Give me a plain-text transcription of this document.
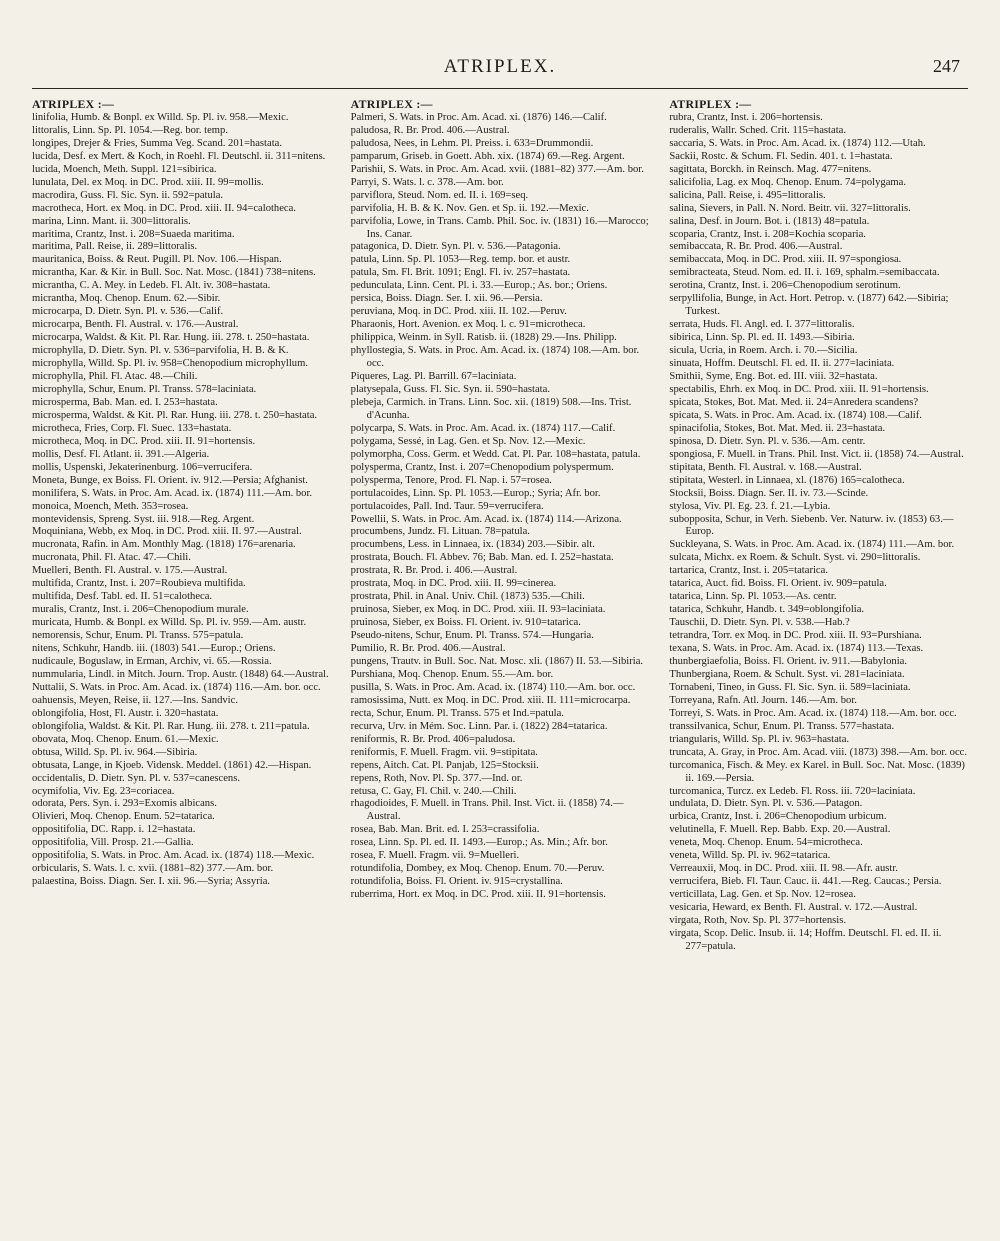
ATRIPLEX.	247
ATRIPLEX :—

linifolia, Humb. & Bonpl. ex Willd. Sp. Pl. iv. 958.—Mexic.

littoralis, Linn. Sp. Pl. 1054.—Reg. bor. temp.

longipes, Drejer & Fries, Summa Veg. Scand. 201=hastata.

lucida, Desf. ex Mert. & Koch, in Roehl. Fl. Deutschl. ii. 311=nitens.

lucida, Moench, Meth. Suppl. 121=sibirica.

lunulata, Del. ex Moq. in DC. Prod. xiii. II. 99=mollis.

macrodira, Guss. Fl. Sic. Syn. ii. 592=patula.

macrotheca, Hort. ex Moq. in DC. Prod. xiii. II. 94=calotheca.

marina, Linn. Mant. ii. 300=littoralis.

maritima, Crantz, Inst. i. 208=Suaeda maritima.

maritima, Pall. Reise, ii. 289=littoralis.

mauritanica, Boiss. & Reut. Pugill. Pl. Nov. 106.—Hispan.

micrantha, Kar. & Kir. in Bull. Soc. Nat. Mosc. (1841) 738=nitens.

micrantha, C. A. Mey. in Ledeb. Fl. Alt. iv. 308=hastata.

micrantha, Moq. Chenop. Enum. 62.—Sibir.

microcarpa, D. Dietr. Syn. Pl. v. 536.—Calif.

microcarpa, Benth. Fl. Austral. v. 176.—Austral.

microcarpa, Waldst. & Kit. Pl. Rar. Hung. iii. 278. t. 250=hastata.

microphylla, D. Dietr. Syn. Pl. v. 536=parvifolia, H. B. & K.

microphylla, Willd. Sp. Pl. iv. 958=Chenopodium microphyllum.

microphylla, Phil. Fl. Atac. 48.—Chili.

microphylla, Schur, Enum. Pl. Transs. 578=laciniata.

microsperma, Bab. Man. ed. I. 253=hastata.

microsperma, Waldst. & Kit. Pl. Rar. Hung. iii. 278. t. 250=hastata.

microtheca, Fries, Corp. Fl. Suec. 133=hastata.

microtheca, Moq. in DC. Prod. xiii. II. 91=hortensis.

mollis, Desf. Fl. Atlant. ii. 391.—Algeria.

mollis, Uspenski, Jekaterinenburg. 106=verrucifera.

Moneta, Bunge, ex Boiss. Fl. Orient. iv. 912.—Persia; Afghanist.

monilifera, S. Wats. in Proc. Am. Acad. ix. (1874) 111.—Am. bor.

monoica, Moench, Meth. 353=rosea.

montevidensis, Spreng. Syst. iii. 918.—Reg. Argent.

Moquiniana, Webb, ex Moq. in DC. Prod. xiii. II. 97.—Austral.

mucronata, Rafin. in Am. Monthly Mag. (1818) 176=arenaria.

mucronata, Phil. Fl. Atac. 47.—Chili.

Muelleri, Benth. Fl. Austral. v. 175.—Austral.

multifida, Crantz, Inst. i. 207=Roubieva multifida.

multifida, Desf. Tabl. ed. II. 51=calotheca.

muralis, Crantz, Inst. i. 206=Chenopodium murale.

muricata, Humb. & Bonpl. ex Willd. Sp. Pl. iv. 959.—Am. austr.

nemorensis, Schur, Enum. Pl. Transs. 575=patula.

nitens, Schkuhr, Handb. iii. (1803) 541.—Europ.; Oriens.

nudicaule, Boguslaw, in Erman, Archiv, vi. 65.—Rossia.

nummularia, Lindl. in Mitch. Journ. Trop. Austr. (1848) 64.—Austral.

Nuttalii, S. Wats. in Proc. Am. Acad. ix. (1874) 116.—Am. bor. occ.

oahuensis, Meyen, Reise, ii. 127.—Ins. Sandvic.

oblongifolia, Host, Fl. Austr. i. 320=hastata.

oblongifolia, Waldst. & Kit. Pl. Rar. Hung. iii. 278. t. 211=patula.

obovata, Moq. Chenop. Enum. 61.—Mexic.

obtusa, Willd. Sp. Pl. iv. 964.—Sibiria.

obtusata, Lange, in Kjoeb. Vidensk. Meddel. (1861) 42.—Hispan.

occidentalis, D. Dietr. Syn. Pl. v. 537=canescens.

ocymifolia, Viv. Eg. 23=coriacea.

odorata, Pers. Syn. i. 293=Exomis albicans.

Olivieri, Moq. Chenop. Enum. 52=tatarica.

oppositifolia, DC. Rapp. i. 12=hastata.

oppositifolia, Vill. Prosp. 21.—Gallia.

oppositifolia, S. Wats. in Proc. Am. Acad. ix. (1874) 118.—Mexic.

orbicularis, S. Wats. l. c. xvii. (1881–82) 377.—Am. bor.

palaestina, Boiss. Diagn. Ser. I. xii. 96.—Syria; Assyria.

ATRIPLEX :—

Palmeri, S. Wats. in Proc. Am. Acad. xi. (1876) 146.—Calif.

paludosa, R. Br. Prod. 406.—Austral.

paludosa, Nees, in Lehm. Pl. Preiss. i. 633=Drummondii.

pamparum, Griseb. in Goett. Abh. xix. (1874) 69.—Reg. Argent.

Parishii, S. Wats. in Proc. Am. Acad. xvii. (1881–82) 377.—Am. bor.

Parryi, S. Wats. l. c. 378.—Am. bor.

parviflora, Steud. Nom. ed. II. i. 169=seq.

parvifolia, H. B. & K. Nov. Gen. et Sp. ii. 192.—Mexic.

parvifolia, Lowe, in Trans. Camb. Phil. Soc. iv. (1831) 16.—Marocco; Ins. Canar.

patagonica, D. Dietr. Syn. Pl. v. 536.—Patagonia.

patula, Linn. Sp. Pl. 1053—Reg. temp. bor. et austr.

patula, Sm. Fl. Brit. 1091; Engl. Fl. iv. 257=hastata.

pedunculata, Linn. Cent. Pl. i. 33.—Europ.; As. bor.; Oriens.

persica, Boiss. Diagn. Ser. I. xii. 96.—Persia.

peruviana, Moq. in DC. Prod. xiii. II. 102.—Peruv.

Pharaonis, Hort. Avenion. ex Moq. l. c. 91=microtheca.

philippica, Weinm. in Syll. Ratisb. ii. (1828) 29.—Ins. Philipp.

phyllostegia, S. Wats. in Proc. Am. Acad. ix. (1874) 108.—Am. bor. occ.

Piqueres, Lag. Pl. Barrill. 67=laciniata.

platysepala, Guss. Fl. Sic. Syn. ii. 590=hastata.

plebeja, Carmich. in Trans. Linn. Soc. xii. (1819) 508.—Ins. Trist. d'Acunha.

polycarpa, S. Wats. in Proc. Am. Acad. ix. (1874) 117.—Calif.

polygama, Sessé, in Lag. Gen. et Sp. Nov. 12.—Mexic.

polymorpha, Coss. Germ. et Wedd. Cat. Pl. Par. 108=hastata, patula.

polysperma, Crantz, Inst. i. 207=Chenopodium polyspermum.

polysperma, Tenore, Prod. Fl. Nap. i. 57=rosea.

portulacoides, Linn. Sp. Pl. 1053.—Europ.; Syria; Afr. bor.

portulacoides, Pall. Ind. Taur. 59=verrucifera.

Powellii, S. Wats. in Proc. Am. Acad. ix. (1874) 114.—Arizona.

procumbens, Jundz. Fl. Lituan. 78=patula.

procumbens, Less. in Linnaea, ix. (1834) 203.—Sibir. alt.

prostrata, Bouch. Fl. Abbev. 76; Bab. Man. ed. I. 252=hastata.

prostrata, R. Br. Prod. i. 406.—Austral.

prostrata, Moq. in DC. Prod. xiii. II. 99=cinerea.

prostrata, Phil. in Anal. Univ. Chil. (1873) 535.—Chili.

pruinosa, Sieber, ex Moq. in DC. Prod. xiii. II. 93=laciniata.

pruinosa, Sieber, ex Boiss. Fl. Orient. iv. 910=tatarica.

Pseudo-nitens, Schur, Enum. Pl. Transs. 574.—Hungaria.

Pumilio, R. Br. Prod. 406.—Austral.

pungens, Trautv. in Bull. Soc. Nat. Mosc. xli. (1867) II. 53.—Sibiria.

Purshiana, Moq. Chenop. Enum. 55.—Am. bor.

pusilla, S. Wats. in Proc. Am. Acad. ix. (1874) 110.—Am. bor. occ.

ramosissima, Nutt. ex Moq. in DC. Prod. xiii. II. 111=microcarpa.

recta, Schur, Enum. Pl. Transs. 575 et Ind.=patula.

recurva, Urv. in Mém. Soc. Linn. Par. i. (1822) 284=tatarica.

reniformis, R. Br. Prod. 406=paludosa.

reniformis, F. Muell. Fragm. vii. 9=stipitata.

repens, Aitch. Cat. Pl. Panjab, 125=Stocksii.

repens, Roth, Nov. Pl. Sp. 377.—Ind. or.

retusa, C. Gay, Fl. Chil. v. 240.—Chili.

rhagodioides, F. Muell. in Trans. Phil. Inst. Vict. ii. (1858) 74.—Austral.

rosea, Bab. Man. Brit. ed. I. 253=crassifolia.

rosea, Linn. Sp. Pl. ed. II. 1493.—Europ.; As. Min.; Afr. bor.

rosea, F. Muell. Fragm. vii. 9=Muelleri.

rotundifolia, Dombey, ex Moq. Chenop. Enum. 70.—Peruv.

rotundifolia, Boiss. Fl. Orient. iv. 915=crystallina.

ruberrima, Hort. ex Moq. in DC. Prod. xiii. II. 91=hortensis.

ATRIPLEX :—

rubra, Crantz, Inst. i. 206=hortensis.

ruderalis, Wallr. Sched. Crit. 115=hastata.

saccaria, S. Wats. in Proc. Am. Acad. ix. (1874) 112.—Utah.

Sackii, Rostc. & Schum. Fl. Sedin. 401. t. 1=hastata.

sagittata, Borckh. in Reinsch. Mag. 477=nitens.

salicifolia, Lag. ex Moq. Chenop. Enum. 74=polygama.

salicina, Pall. Reise, i. 495=littoralis.

salina, Sievers, in Pall. N. Nord. Beitr. vii. 327=littoralis.

salina, Desf. in Journ. Bot. i. (1813) 48=patula.

scoparia, Crantz, Inst. i. 208=Kochia scoparia.

semibaccata, R. Br. Prod. 406.—Austral.

semibaccata, Moq. in DC. Prod. xiii. II. 97=spongiosa.

semibracteata, Steud. Nom. ed. II. i. 169, sphalm.=semibaccata.

serotina, Crantz, Inst. i. 206=Chenopodium serotinum.

serpyllifolia, Bunge, in Act. Hort. Petrop. v. (1877) 642.—Sibiria; Turkest.

serrata, Huds. Fl. Angl. ed. I. 377=littoralis.

sibirica, Linn. Sp. Pl. ed. II. 1493.—Sibiria.

sicula, Ucria, in Roem. Arch. i. 70.—Sicilia.

sinuata, Hoffm. Deutschl. Fl. ed. II. ii. 277=laciniata.

Smithii, Syme, Eng. Bot. ed. III. viii. 32=hastata.

spectabilis, Ehrh. ex Moq. in DC. Prod. xiii. II. 91=hortensis.

spicata, Stokes, Bot. Mat. Med. ii. 24=Anredera scandens?

spicata, S. Wats. in Proc. Am. Acad. ix. (1874) 108.—Calif.

spinacifolia, Stokes, Bot. Mat. Med. ii. 23=hastata.

spinosa, D. Dietr. Syn. Pl. v. 536.—Am. centr.

spongiosa, F. Muell. in Trans. Phil. Inst. Vict. ii. (1858) 74.—Austral.

stipitata, Benth. Fl. Austral. v. 168.—Austral.

stipitata, Westerl. in Linnaea, xl. (1876) 165=calotheca.

Stocksii, Boiss. Diagn. Ser. II. iv. 73.—Scinde.

stylosa, Viv. Pl. Eg. 23. f. 21.—Lybia.

subopposita, Schur, in Verh. Siebenb. Ver. Naturw. iv. (1853) 63.—Europ.

Suckleyana, S. Wats. in Proc. Am. Acad. ix. (1874) 111.—Am. bor.

sulcata, Michx. ex Roem. & Schult. Syst. vi. 290=littoralis.

tartarica, Crantz, Inst. i. 205=tatarica.

tatarica, Auct. fid. Boiss. Fl. Orient. iv. 909=patula.

tatarica, Linn. Sp. Pl. 1053.—As. centr.

tatarica, Schkuhr, Handb. t. 349=oblongifolia.

Tauschii, D. Dietr. Syn. Pl. v. 538.—Hab.?

tetrandra, Torr. ex Moq. in DC. Prod. xiii. II. 93=Purshiana.

texana, S. Wats. in Proc. Am. Acad. ix. (1874) 113.—Texas.

thunbergiaefolia, Boiss. Fl. Orient. iv. 911.—Babylonia.

Thunbergiana, Roem. & Schult. Syst. vi. 281=laciniata.

Tornabeni, Tineo, in Guss. Fl. Sic. Syn. ii. 589=laciniata.

Torreyana, Rafn. Atl. Journ. 146.—Am. bor.

Torreyi, S. Wats. in Proc. Am. Acad. ix. (1874) 118.—Am. bor. occ.

transsilvanica, Schur, Enum. Pl. Transs. 577=hastata.

triangularis, Willd. Sp. Pl. iv. 963=hastata.

truncata, A. Gray, in Proc. Am. Acad. viii. (1873) 398.—Am. bor. occ.

turcomanica, Fisch. & Mey. ex Karel. in Bull. Soc. Nat. Mosc. (1839) ii. 169.—Persia.

turcomanica, Turcz. ex Ledeb. Fl. Ross. iii. 720=laciniata.

undulata, D. Dietr. Syn. Pl. v. 536.—Patagon.

urbica, Crantz, Inst. i. 206=Chenopodium urbicum.

velutinella, F. Muell. Rep. Babb. Exp. 20.—Austral.

veneta, Moq. Chenop. Enum. 54=microtheca.

veneta, Willd. Sp. Pl. iv. 962=tatarica.

Verreauxii, Moq. in DC. Prod. xiii. II. 98.—Afr. austr.

verrucifera, Bieb. Fl. Taur. Cauc. ii. 441.—Reg. Caucas.; Persia.

verticillata, Lag. Gen. et Sp. Nov. 12=rosea.

vesicaria, Heward, ex Benth. Fl. Austral. v. 172.—Austral.

virgata, Roth, Nov. Sp. Pl. 377=hortensis.

virgata, Scop. Delic. Insub. ii. 14; Hoffm. Deutschl. Fl. ed. II. ii. 277=patula.
